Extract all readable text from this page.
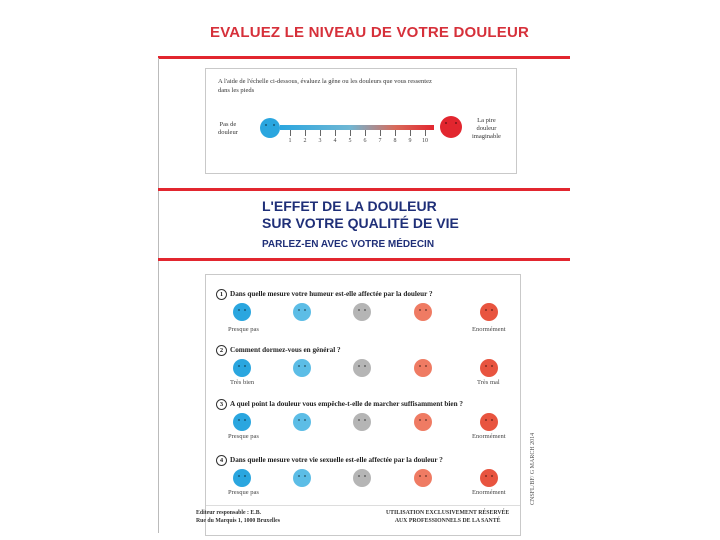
EVALUEZ LE NIVEAU DE VOTRE DOULEUR
A l'aide de l'échelle ci-dessous, évaluez la gêne ou les douleurs que vous ressentez dans les pieds
Pas de
douleur
1 2 3 4 5 6 7 8 9 10
La pire
douleur
imaginable
L'EFFET DE LA DOULEUR
SUR VOTRE QUALITÉ DE VIE
PARLEZ-EN AVEC VOTRE MÉDECIN
1 Dans quelle mesure votre humeur est-elle affectée par la douleur ?
Presque pas	Enormément
2 Comment dormez-vous en général ?
Très bien	Très mal
3 A quel point la douleur vous empêche-t-elle de marcher suffisamment bien ?
Presque pas	Enormément
4 Dans quelle mesure votre vie sexuelle est-elle affectée par la douleur ?
Presque pas	Enormément
Editeur responsable : E.B.
Rue du Marquis 1, 1000 Bruxelles
UTILISATION EXCLUSIVEMENT RÉSERVÉE
AUX PROFESSIONNELS DE LA SANTÉ
CNSFL/BF/ G MARCH 2014
